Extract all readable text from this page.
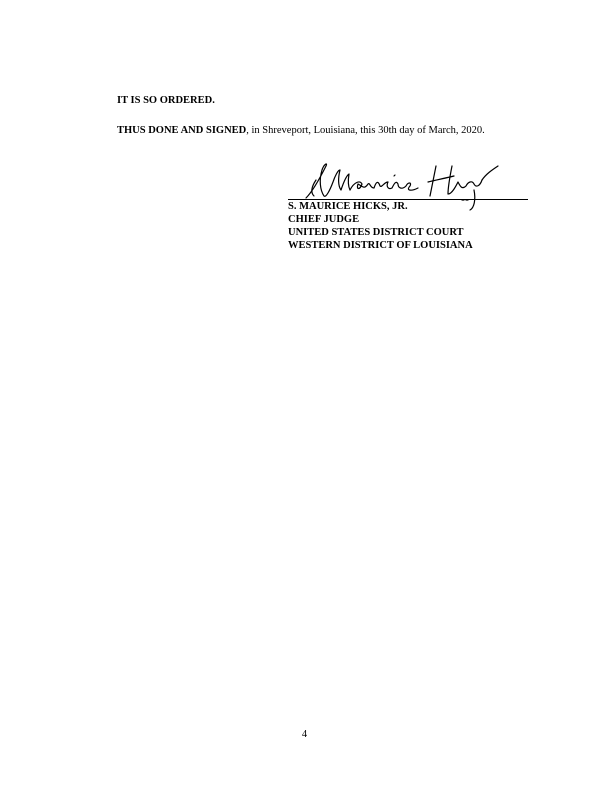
IT IS SO ORDERED.
THUS DONE AND SIGNED, in Shreveport, Louisiana, this 30th day of March, 2020.
S. MAURICE HICKS, JR.
CHIEF JUDGE
UNITED STATES DISTRICT COURT
WESTERN DISTRICT OF LOUISIANA
4
